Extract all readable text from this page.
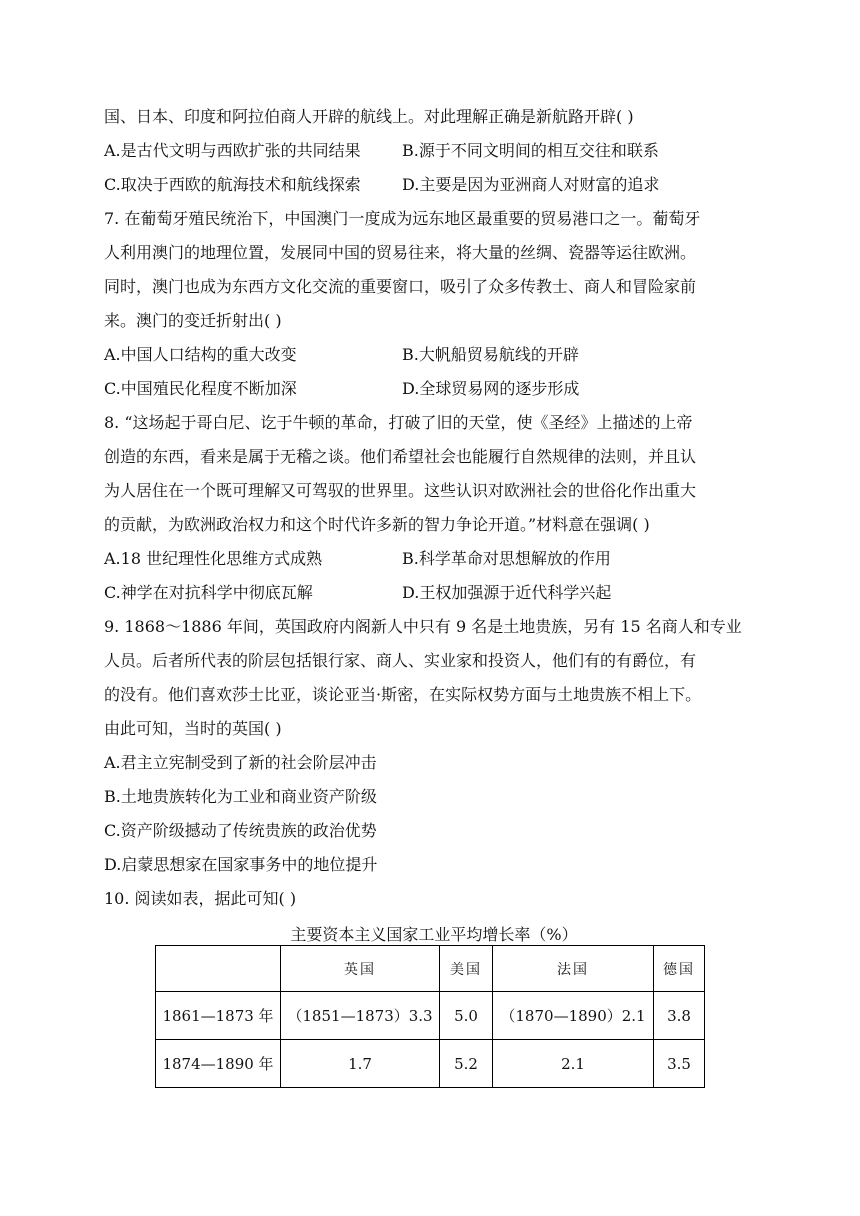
国、日本、印度和阿拉伯商人开辟的航线上。对此理解正确是新航路开辟( )
A.是古代文明与西欧扩张的共同结果	B.源于不同文明间的相互交往和联系
C.取决于西欧的航海技术和航线探索	D.主要是因为亚洲商人对财富的追求
7. 在葡萄牙殖民统治下，中国澳门一度成为远东地区最重要的贸易港口之一。葡萄牙
人利用澳门的地理位置，发展同中国的贸易往来，将大量的丝绸、瓷器等运往欧洲。
同时，澳门也成为东西方文化交流的重要窗口，吸引了众多传教士、商人和冒险家前
来。澳门的变迁折射出( )
A.中国人口结构的重大改变	B.大帆船贸易航线的开辟
C.中国殖民化程度不断加深	D.全球贸易网的逐步形成
8. “这场起于哥白尼、讫于牛顿的革命，打破了旧的天堂，使《圣经》上描述的上帝
创造的东西，看来是属于无稽之谈。他们希望社会也能履行自然规律的法则，并且认
为人居住在一个既可理解又可驾驭的世界里。这些认识对欧洲社会的世俗化作出重大
的贡献，为欧洲政治权力和这个时代许多新的智力争论开道。”材料意在强调( )
A.18 世纪理性化思维方式成熟	B.科学革命对思想解放的作用
C.神学在对抗科学中彻底瓦解	D.王权加强源于近代科学兴起
9. 1868～1886 年间，英国政府内阁新人中只有 9 名是土地贵族，另有 15 名商人和专业
人员。后者所代表的阶层包括银行家、商人、实业家和投资人，他们有的有爵位，有
的没有。他们喜欢莎士比亚，谈论亚当·斯密，在实际权势方面与土地贵族不相上下。
由此可知，当时的英国( )
A.君主立宪制受到了新的社会阶层冲击
B.土地贵族转化为工业和商业资产阶级
C.资产阶级撼动了传统贵族的政治优势
D.启蒙思想家在国家事务中的地位提升
10. 阅读如表，据此可知( )
主要资本主义国家工业平均增长率（%）
	英国	美国	法国	德国
1861—1873 年	（1851—1873）3.3	5.0	（1870—1890）2.1	3.8
1874—1890 年	1.7	5.2	2.1	3.5
